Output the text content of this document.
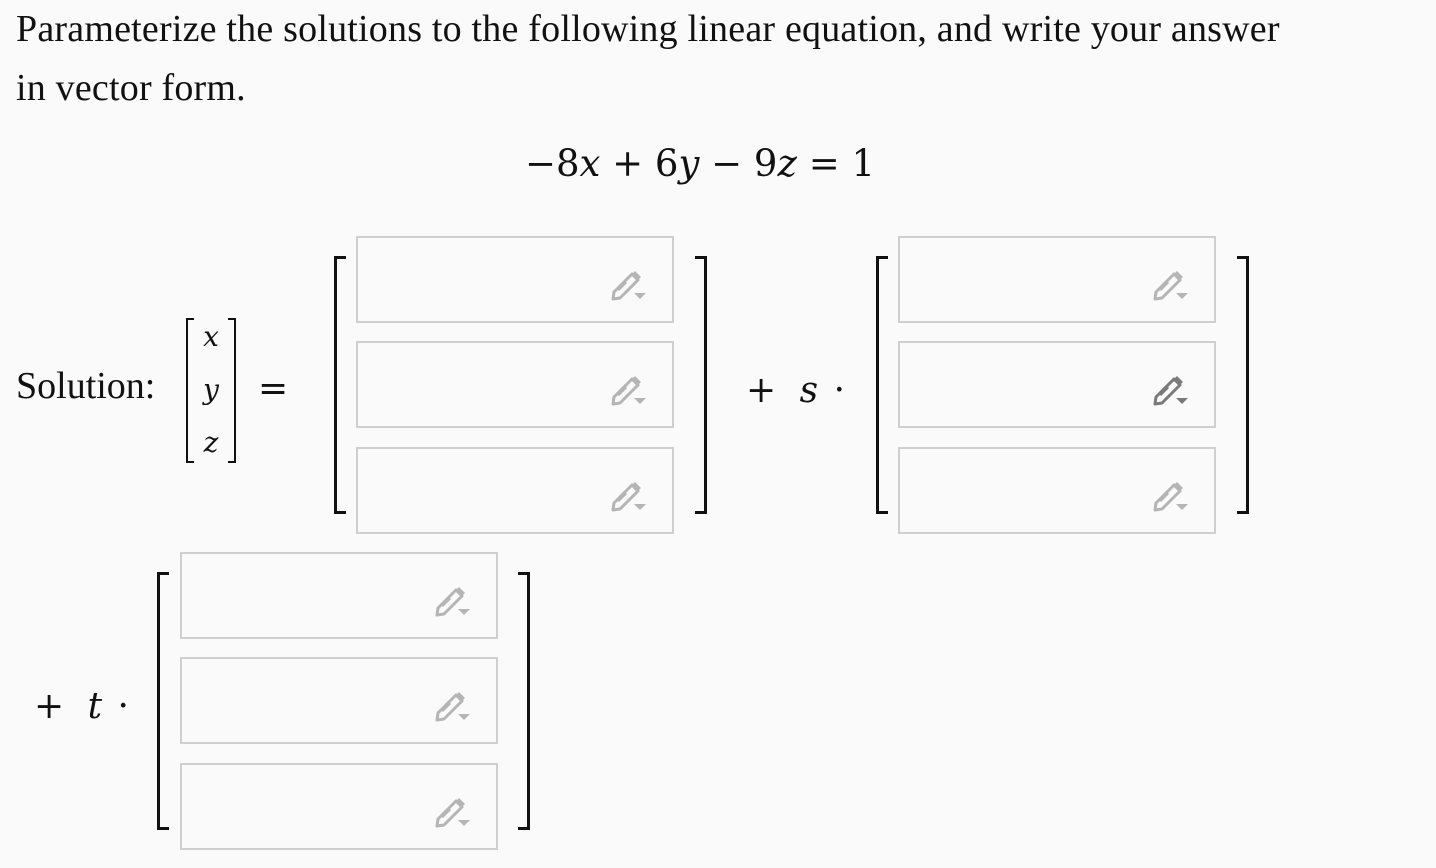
Parameterize the solutions to the following linear equation, and write your answer
in vector form.
−8x + 6y − 9z = 1
Solution:
x
y
z
=	+ s ·
+ t ·
